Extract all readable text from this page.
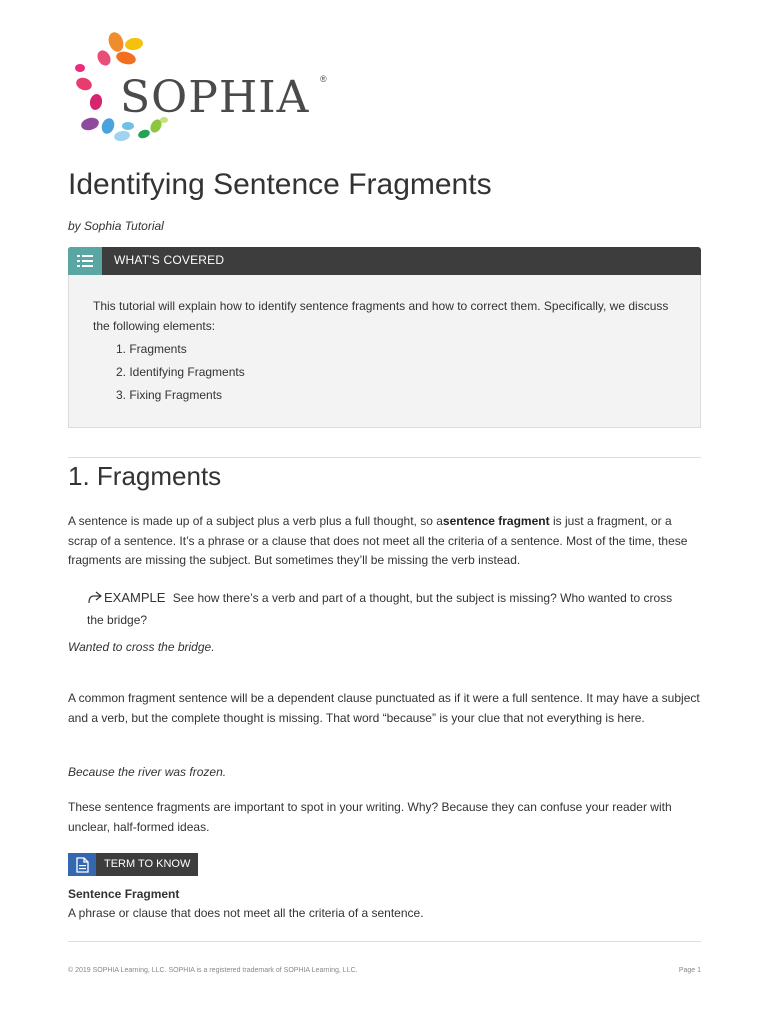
SOPHIA ®
Identifying Sentence Fragments

by Sophia Tutorial

WHAT'S COVERED

This tutorial will explain how to identify sentence fragments and how to correct them. Specifically, we discuss the following elements:

1. Fragments
2. Identifying Fragments
3. Fixing Fragments
1. Fragments

A sentence is made up of a subject plus a verb plus a full thought, so asentence fragment is just a fragment, or a scrap of a sentence. It’s a phrase or a clause that does not meet all the criteria of a sentence. Most of the time, these fragments are missing the subject. But sometimes they’ll be missing the verb instead.

EXAMPLE See how there’s a verb and part of a thought, but the subject is missing? Who wanted to cross the bridge?

Wanted to cross the bridge.

A common fragment sentence will be a dependent clause punctuated as if it were a full sentence. It may have a subject and a verb, but the complete thought is missing. That word “because” is your clue that not everything is here.

Because the river was frozen.

These sentence fragments are important to spot in your writing. Why? Because they can confuse your reader with unclear, half-formed ideas.

TERM TO KNOW

Sentence Fragment

A phrase or clause that does not meet all the criteria of a sentence.

© 2019 SOPHIA Learning, LLC. SOPHIA is a registered trademark of SOPHIA Learning, LLC.	Page 1
